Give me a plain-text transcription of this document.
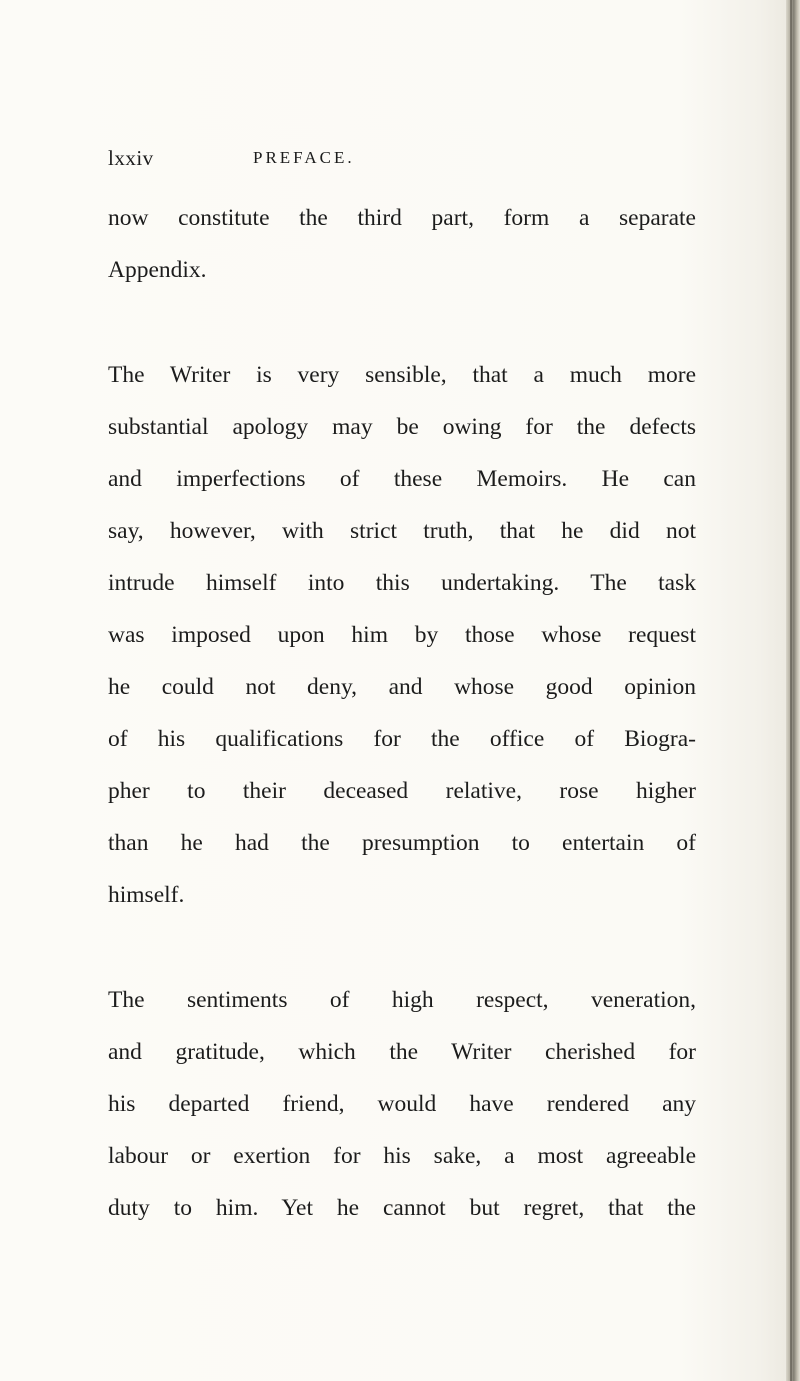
lxxiv	PREFACE.
now constitute the third part, form a separate
Appendix.
The Writer is very sensible, that a much more
substantial apology may be owing for the defects
and imperfections of these Memoirs. He can
say, however, with strict truth, that he did not
intrude himself into this undertaking. The task
was imposed upon him by those whose request
he could not deny, and whose good opinion
of his qualifications for the office of Biogra-
pher to their deceased relative, rose higher
than he had the presumption to entertain of
himself.
The sentiments of high respect, veneration,
and gratitude, which the Writer cherished for
his departed friend, would have rendered any
labour or exertion for his sake, a most agreeable
duty to him. Yet he cannot but regret, that the
